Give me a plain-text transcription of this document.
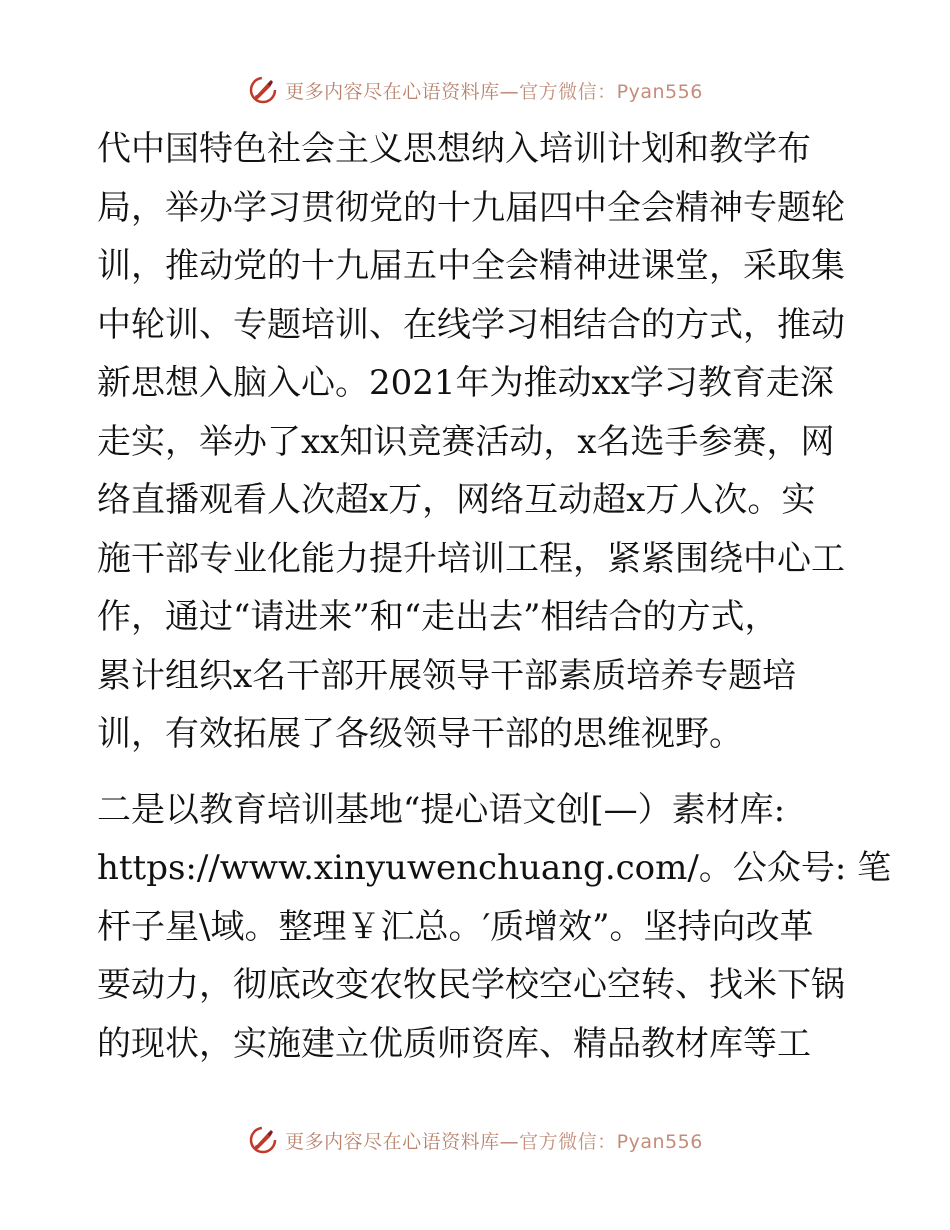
更多内容尽在心语资料库—官方微信：Pyan556
代中国特色社会主义思想纳入培训计划和教学布
局，举办学习贯彻党的十九届四中全会精神专题轮
训，推动党的十九届五中全会精神进课堂，采取集
中轮训、专题培训、在线学习相结合的方式，推动
新思想入脑入心。2021年为推动xx学习教育走深
走实，举办了xx知识竞赛活动，x名选手参赛，网
络直播观看人次超x万，网络互动超x万人次。实
施干部专业化能力提升培训工程，紧紧围绕中心工
作，通过“请进来”和“走出去”相结合的方式，
累计组织x名干部开展领导干部素质培养专题培
训，有效拓展了各级领导干部的思维视野。
二是以教育培训基地“提心语文创[—）素材库:
https://www.xinyuwenchuang.com/。公众号: 笔
杆子星\域。整理￥汇总。′质增效”。坚持向改革
要动力，彻底改变农牧民学校空心空转、找米下锅
的现状，实施建立优质师资库、精品教材库等工
更多内容尽在心语资料库—官方微信：Pyan556
